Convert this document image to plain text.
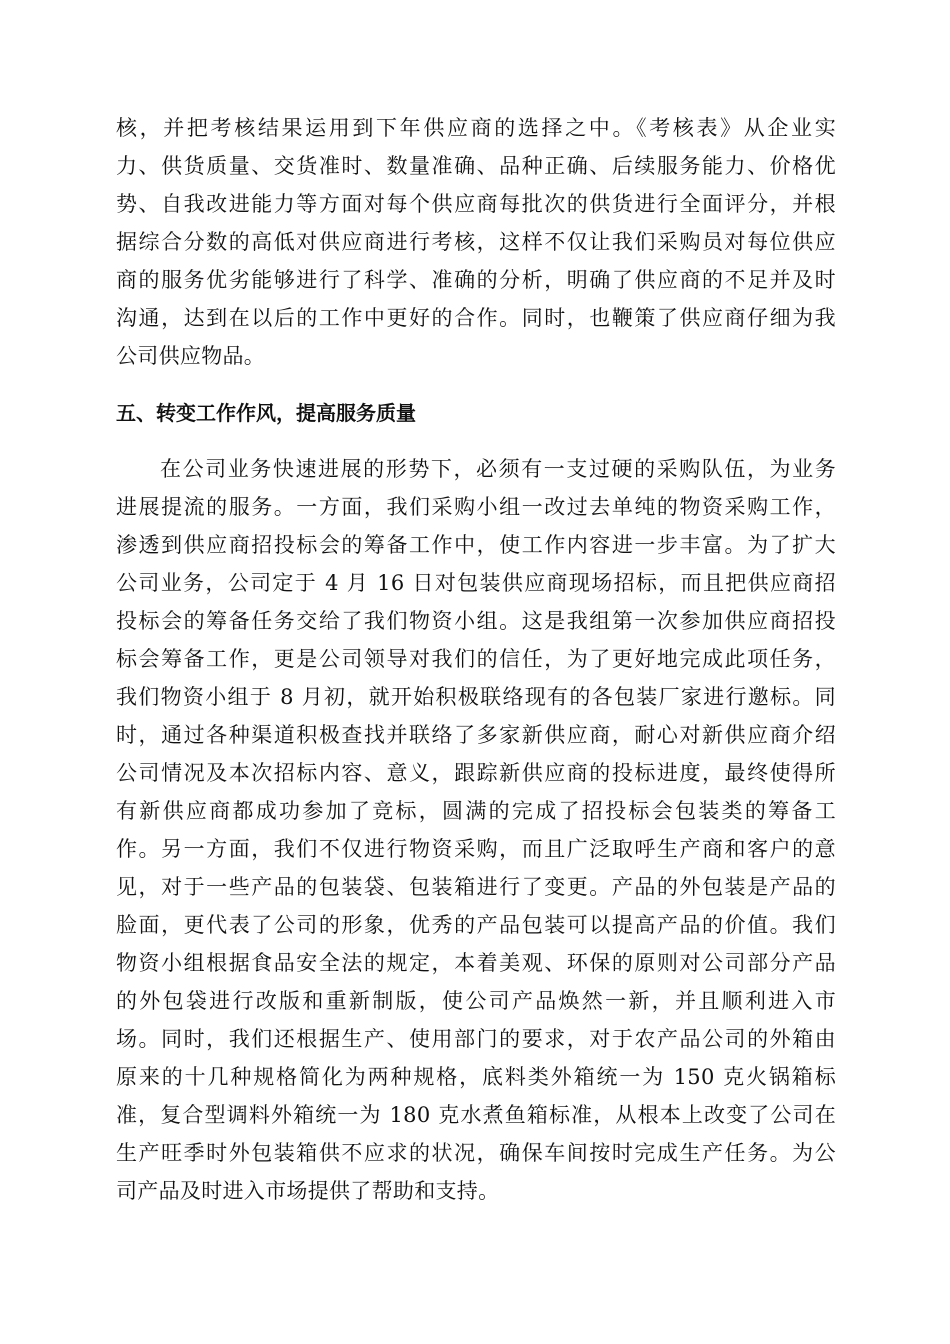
核，并把考核结果运用到下年供应商的选择之中。《考核表》从企业实
力、供货质量、交货准时、数量准确、品种正确、后续服务能力、价格优
势、自我改进能力等方面对每个供应商每批次的供货进行全面评分，并根
据综合分数的高低对供应商进行考核，这样不仅让我们采购员对每位供应
商的服务优劣能够进行了科学、准确的分析，明确了供应商的不足并及时
沟通，达到在以后的工作中更好的合作。同时，也鞭策了供应商仔细为我
公司供应物品。
五、转变工作作风，提高服务质量
在公司业务快速进展的形势下，必须有一支过硬的采购队伍，为业务
进展提流的服务。一方面，我们采购小组一改过去单纯的物资采购工作，
渗透到供应商招投标会的筹备工作中，使工作内容进一步丰富。为了扩大
公司业务，公司定于 4 月 16 日对包装供应商现场招标，而且把供应商招
投标会的筹备任务交给了我们物资小组。这是我组第一次参加供应商招投
标会筹备工作，更是公司领导对我们的信任，为了更好地完成此项任务，
我们物资小组于 8 月初，就开始积极联络现有的各包装厂家进行邀标。同
时，通过各种渠道积极查找并联络了多家新供应商，耐心对新供应商介绍
公司情况及本次招标内容、意义，跟踪新供应商的投标进度，最终使得所
有新供应商都成功参加了竞标，圆满的完成了招投标会包装类的筹备工
作。另一方面，我们不仅进行物资采购，而且广泛取呼生产商和客户的意
见，对于一些产品的包装袋、包装箱进行了变更。产品的外包装是产品的
脸面，更代表了公司的形象，优秀的产品包装可以提高产品的价值。我们
物资小组根据食品安全法的规定，本着美观、环保的原则对公司部分产品
的外包袋进行改版和重新制版，使公司产品焕然一新，并且顺利进入市
场。同时，我们还根据生产、使用部门的要求，对于农产品公司的外箱由
原来的十几种规格简化为两种规格，底料类外箱统一为 150 克火锅箱标
准，复合型调料外箱统一为 180 克水煮鱼箱标准，从根本上改变了公司在
生产旺季时外包装箱供不应求的状况，确保车间按时完成生产任务。为公
司产品及时进入市场提供了帮助和支持。
